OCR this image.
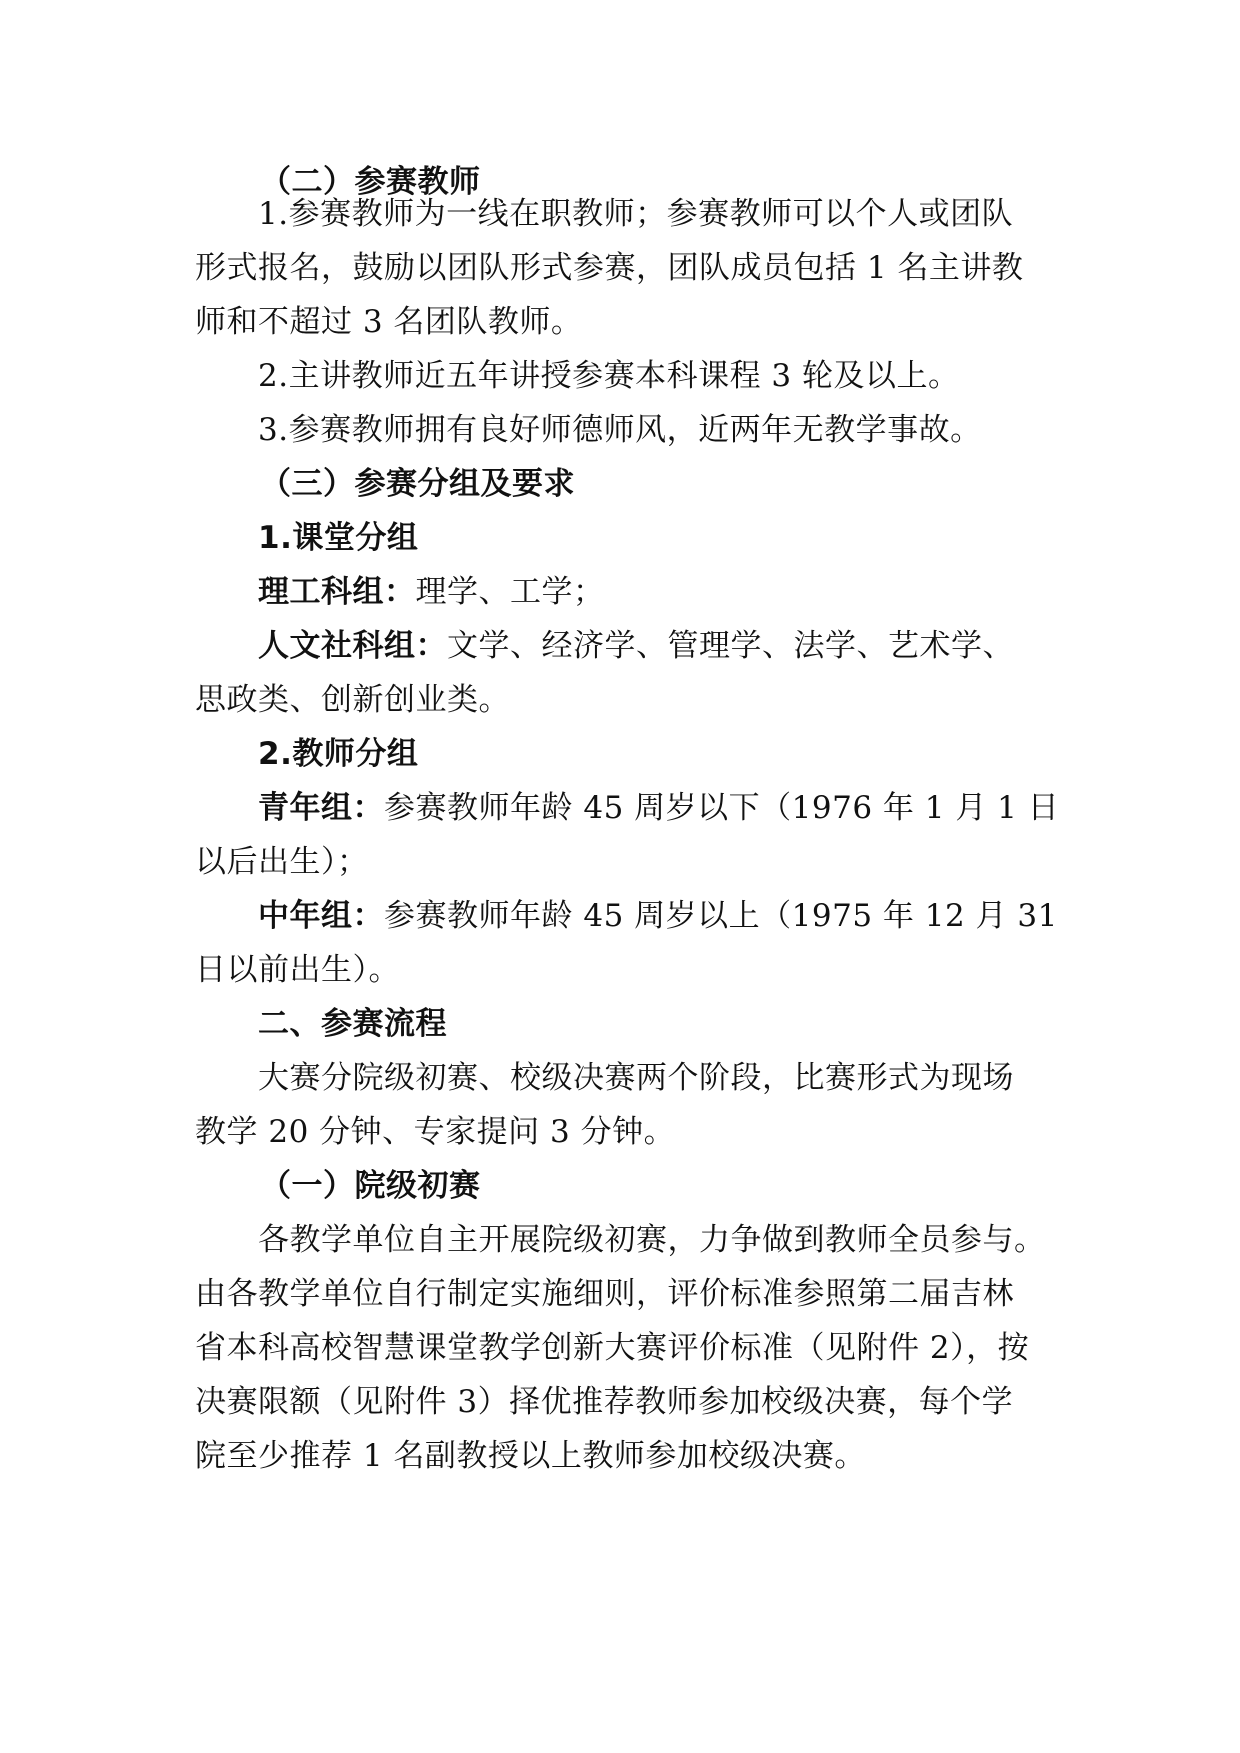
（二）参赛教师
1.参赛教师为一线在职教师；参赛教师可以个人或团队
形式报名，鼓励以团队形式参赛，团队成员包括 1 名主讲教
师和不超过 3 名团队教师。
2.主讲教师近五年讲授参赛本科课程 3 轮及以上。
3.参赛教师拥有良好师德师风，近两年无教学事故。
（三）参赛分组及要求
1.课堂分组
理工科组：理学、工学；
人文社科组：文学、经济学、管理学、法学、艺术学、
思政类、创新创业类。
2.教师分组
青年组：参赛教师年龄 45 周岁以下（1976 年 1 月 1 日
以后出生）；
中年组：参赛教师年龄 45 周岁以上（1975 年 12 月 31
日以前出生）。
二、参赛流程
大赛分院级初赛、校级决赛两个阶段，比赛形式为现场
教学 20 分钟、专家提问 3 分钟。
（一）院级初赛
各教学单位自主开展院级初赛，力争做到教师全员参与。
由各教学单位自行制定实施细则，评价标准参照第二届吉林
省本科高校智慧课堂教学创新大赛评价标准（见附件 2），按
决赛限额（见附件 3）择优推荐教师参加校级决赛，每个学
院至少推荐 1 名副教授以上教师参加校级决赛。
